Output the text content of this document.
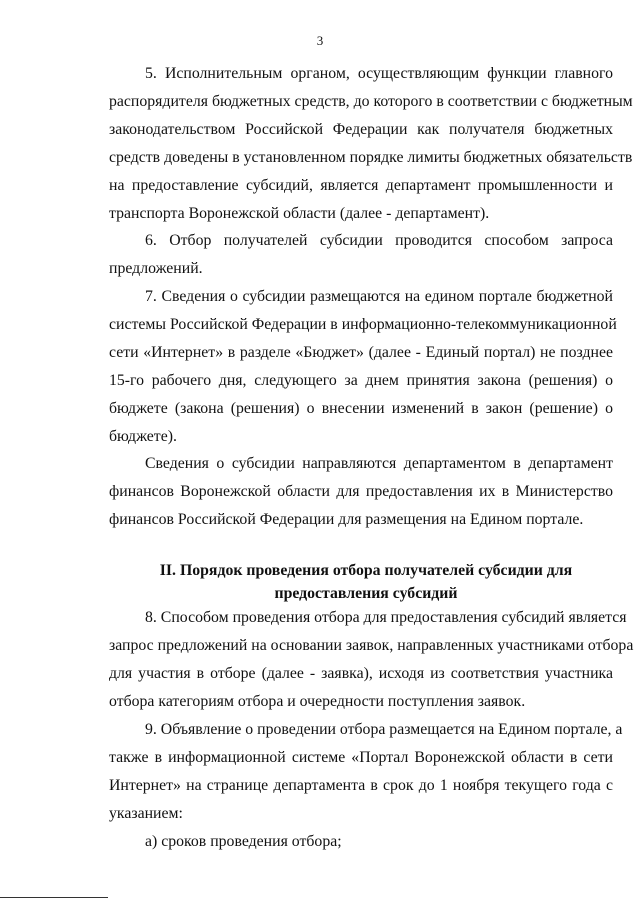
3
5. Исполнительным органом, осуществляющим функции главного
распорядителя бюджетных средств, до которого в соответствии с бюджетным
законодательством Российской Федерации как получателя бюджетных
средств доведены в установленном порядке лимиты бюджетных обязательств
на предоставление субсидий, является департамент промышленности и
транспорта Воронежской области (далее - департамент).
6. Отбор получателей субсидии проводится способом запроса
предложений.
7. Сведения о субсидии размещаются на едином портале бюджетной
системы Российской Федерации в информационно-телекоммуникационной
сети «Интернет» в разделе «Бюджет» (далее - Единый портал) не позднее
15-го рабочего дня, следующего за днем принятия закона (решения) о
бюджете (закона (решения) о внесении изменений в закон (решение) о
бюджете).
Сведения о субсидии направляются департаментом в департамент
финансов Воронежской области для предоставления их в Министерство
финансов Российской Федерации для размещения на Едином портале.
II. Порядок проведения отбора получателей субсидии для
предоставления субсидий
8. Способом проведения отбора для предоставления субсидий является
запрос предложений на основании заявок, направленных участниками отбора
для участия в отборе (далее - заявка), исходя из соответствия участника
отбора категориям отбора и очередности поступления заявок.
9. Объявление о проведении отбора размещается на Едином портале, а
также в информационной системе «Портал Воронежской области в сети
Интернет» на странице департамента в срок до 1 ноября текущего года с
указанием:
а) сроков проведения отбора;
